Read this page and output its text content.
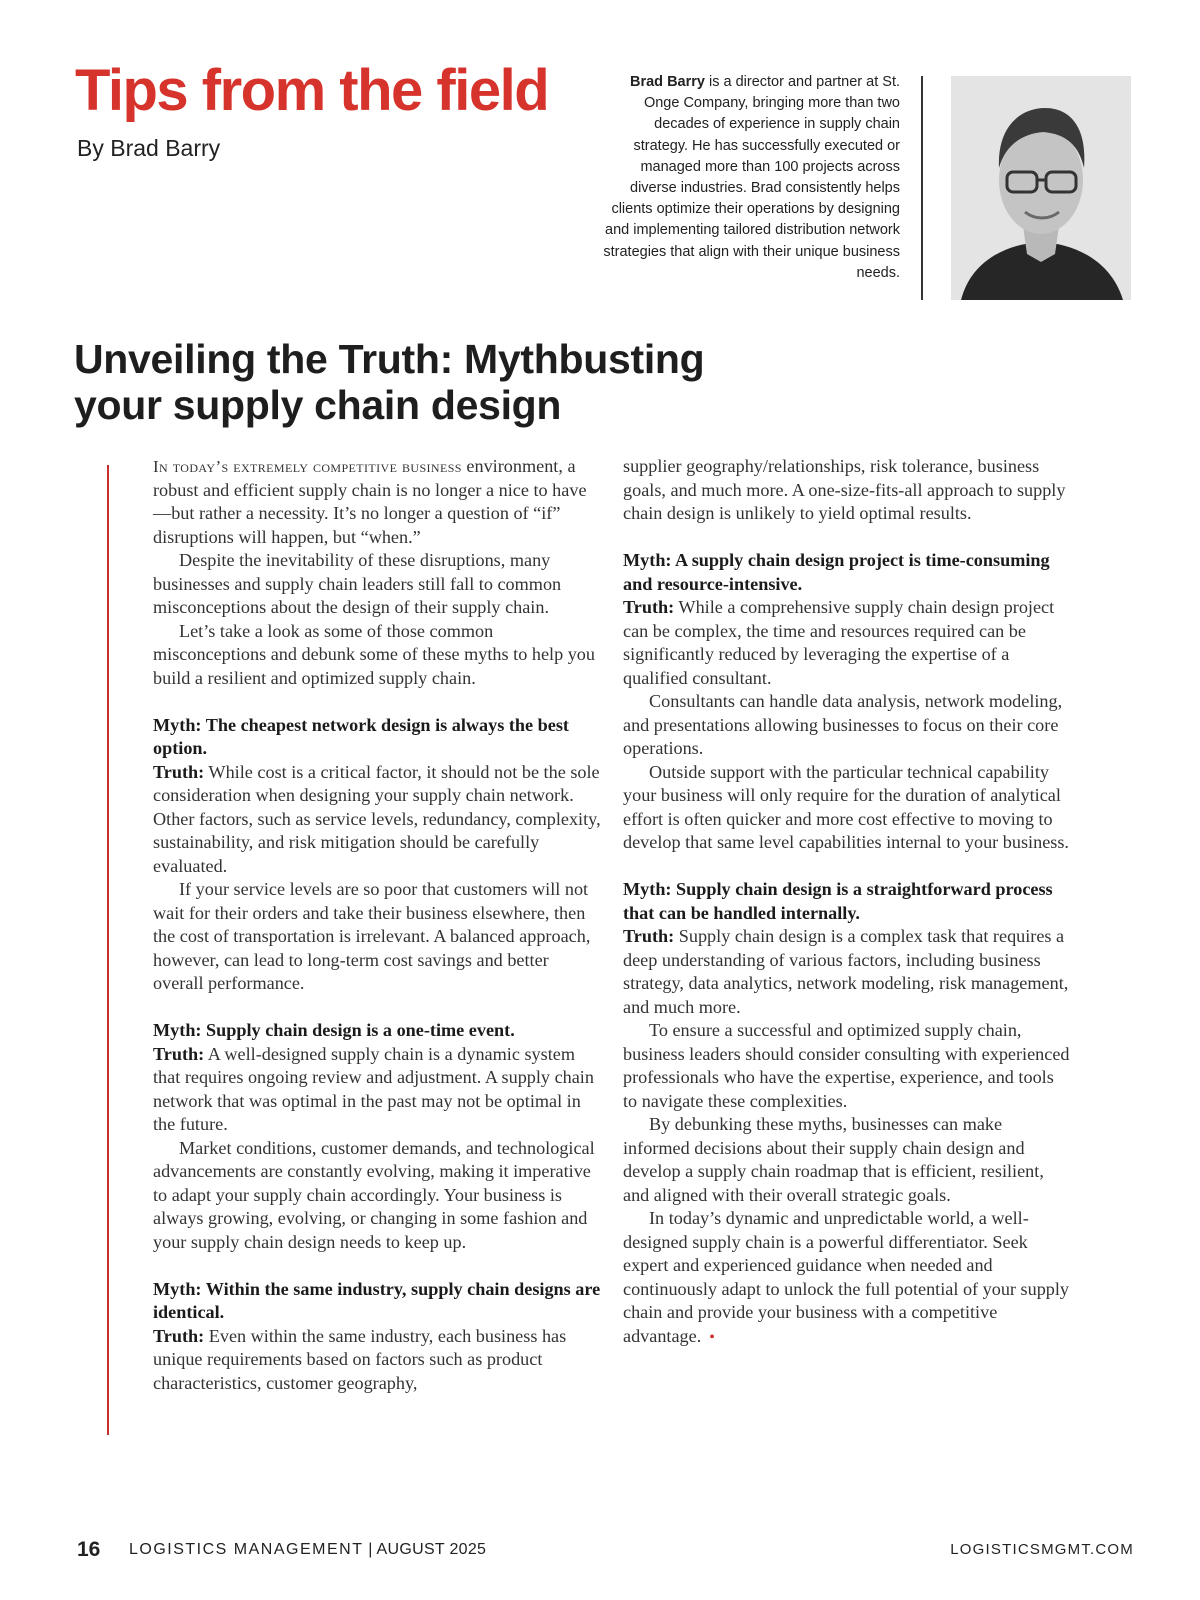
Tips from the field
By Brad Barry
Brad Barry is a director and partner at St. Onge Company, bringing more than two decades of experience in supply chain strategy. He has successfully executed or managed more than 100 projects across diverse industries. Brad consistently helps clients optimize their operations by designing and implementing tailored distribution network strategies that align with their unique business needs.
Unveiling the Truth: Mythbusting your supply chain design

In today’s extremely competitive business environment, a robust and efficient supply chain is no longer a nice to have—but rather a necessity. It’s no longer a question of “if” disruptions will happen, but “when.”

Despite the inevitability of these disruptions, many businesses and supply chain leaders still fall to common misconceptions about the design of their supply chain.

Let’s take a look as some of those common misconceptions and debunk some of these myths to help you build a resilient and optimized supply chain.

Myth: The cheapest network design is always the best option.

Truth: While cost is a critical factor, it should not be the sole consideration when designing your supply chain network. Other factors, such as service levels, redundancy, complexity, sustainability, and risk mitigation should be carefully evaluated.

If your service levels are so poor that customers will not wait for their orders and take their business elsewhere, then the cost of transportation is irrelevant. A balanced approach, however, can lead to long-term cost savings and better overall performance.

Myth: Supply chain design is a one-time event.

Truth: A well-designed supply chain is a dynamic system that requires ongoing review and adjustment. A supply chain network that was optimal in the past may not be optimal in the future.

Market conditions, customer demands, and technological advancements are constantly evolving, making it imperative to adapt your supply chain accordingly. Your business is always growing, evolving, or changing in some fashion and your supply chain design needs to keep up.

Myth: Within the same industry, supply chain designs are identical.

Truth: Even within the same industry, each business has unique requirements based on factors such as product characteristics, customer geography,

supplier geography/relationships, risk tolerance, business goals, and much more. A one-size-fits-all approach to supply chain design is unlikely to yield optimal results.

Myth: A supply chain design project is time-consuming and resource-intensive.

Truth: While a comprehensive supply chain design project can be complex, the time and resources required can be significantly reduced by leveraging the expertise of a qualified consultant.

Consultants can handle data analysis, network modeling, and presentations allowing businesses to focus on their core operations.

Outside support with the particular technical capability your business will only require for the duration of analytical effort is often quicker and more cost effective to moving to develop that same level capabilities internal to your business.

Myth: Supply chain design is a straightforward process that can be handled internally.

Truth: Supply chain design is a complex task that requires a deep understanding of various factors, including business strategy, data analytics, network modeling, risk management, and much more.

To ensure a successful and optimized supply chain, business leaders should consider consulting with experienced professionals who have the expertise, experience, and tools to navigate these complexities.

By debunking these myths, businesses can make informed decisions about their supply chain design and develop a supply chain roadmap that is efficient, resilient, and aligned with their overall strategic goals.

In today’s dynamic and unpredictable world, a well-designed supply chain is a powerful differentiator. Seek expert and experienced guidance when needed and continuously adapt to unlock the full potential of your supply chain and provide your business with a competitive advantage. •

16 LOGISTICS MANAGEMENT | AUGUST 2025	LOGISTICSMGMT.COM
